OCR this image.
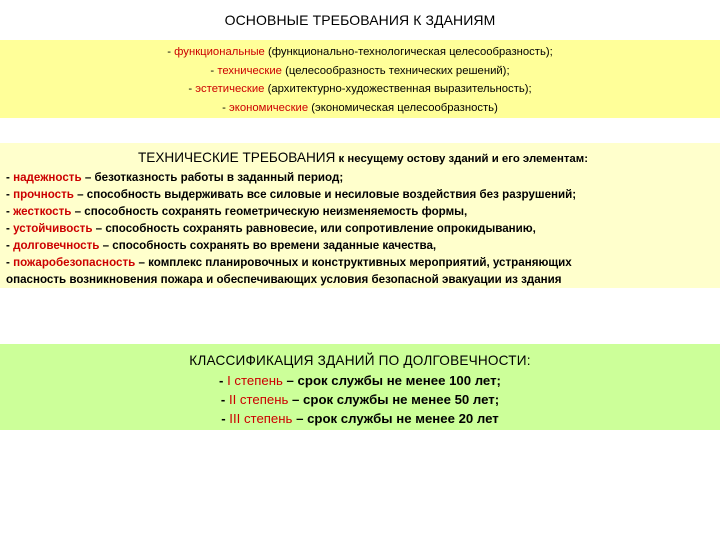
ОСНОВНЫЕ ТРЕБОВАНИЯ К ЗДАНИЯМ
- функциональные (функционально-технологическая целесообразность);
- технические (целесообразность технических решений);
- эстетические (архитектурно-художественная выразительность);
- экономические (экономическая целесообразность)
ТЕХНИЧЕСКИЕ ТРЕБОВАНИЯ к несущему остову зданий и его элементам:
- надежность – безотказность работы в заданный период;
- прочность – способность выдерживать все силовые и несиловые воздействия без разрушений;
- жесткость – способность сохранять геометрическую неизменяемость формы,
- устойчивость – способность сохранять равновесие, или сопротивление опрокидыванию,
- долговечность – способность сохранять во времени заданные качества,
- пожаробезопасность – комплекс планировочных и конструктивных мероприятий, устраняющих
опасность возникновения пожара и обеспечивающих условия безопасной эвакуации из здания
КЛАССИФИКАЦИЯ ЗДАНИЙ ПО ДОЛГОВЕЧНОСТИ:
- I степень – срок службы не менее 100 лет;
- II степень – срок службы не менее 50 лет;
- III степень – срок службы не менее 20 лет
